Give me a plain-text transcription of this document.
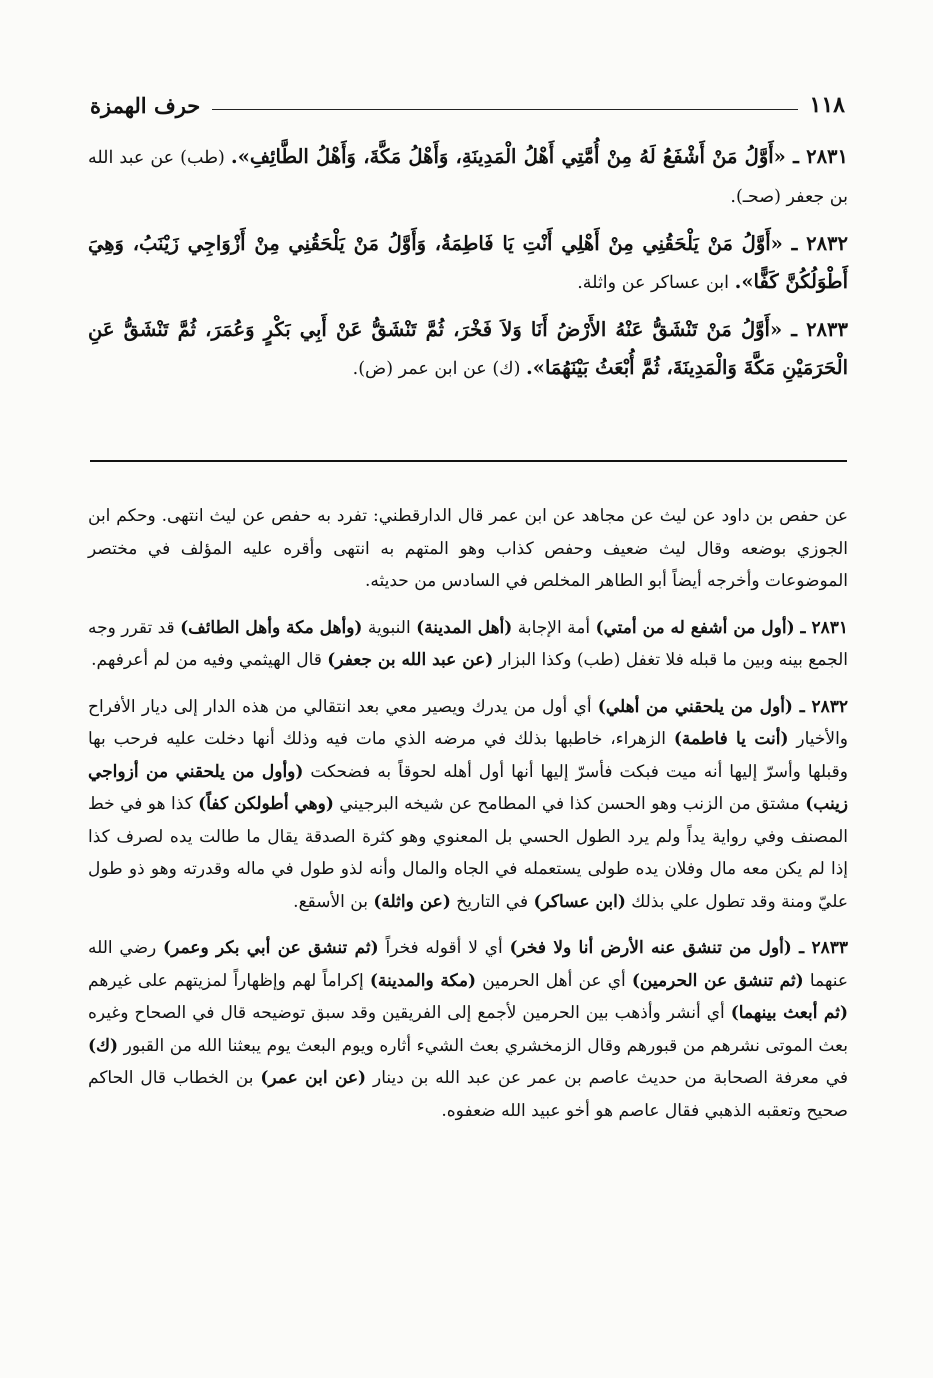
١١٨
حرف الهمزة

٢٨٣١ ـ «أَوَّلُ مَنْ أَشْفَعُ لَهُ مِنْ أُمَّتِي أَهْلُ الْمَدِينَةِ، وَأَهْلُ مَكَّةَ، وَأَهْلُ الطَّائِفِ». (طب) عن عبد الله بن جعفر (صحـ).

٢٨٣٢ ـ «أَوَّلُ مَنْ يَلْحَقُنِي مِنْ أَهْلِي أَنْتِ يَا فَاطِمَةُ، وَأَوَّلُ مَنْ يَلْحَقُنِي مِنْ أَزْوَاجِي زَيْنَبُ، وَهِيَ أَطْوَلُكُنَّ كَفًّا». ابن عساكر عن واثلة.

٢٨٣٣ ـ «أَوَّلُ مَنْ تَنْشَقُّ عَنْهُ الأَرْضُ أَنَا وَلاَ فَخْرَ، ثُمَّ تَنْشَقُّ عَنْ أَبِي بَكْرٍ وَعُمَرَ، ثُمَّ تَنْشَقُّ عَنِ الْحَرَمَيْنِ مَكَّةَ وَالْمَدِينَةَ، ثُمَّ أُبْعَثُ بَيْنَهُمَا». (ك) عن ابن عمر (ض).

عن حفص بن داود عن ليث عن مجاهد عن ابن عمر قال الدارقطني: تفرد به حفص عن ليث انتهى. وحكم ابن الجوزي بوضعه وقال ليث ضعيف وحفص كذاب وهو المتهم به انتهى وأقره عليه المؤلف في مختصر الموضوعات وأخرجه أيضاً أبو الطاهر المخلص في السادس من حديثه.

٢٨٣١ ـ (أول من أشفع له من أمتي) أمة الإجابة (أهل المدينة) النبوية (وأهل مكة وأهل الطائف) قد تقرر وجه الجمع بينه وبين ما قبله فلا تغفل (طب) وكذا البزار (عن عبد الله بن جعفر) قال الهيثمي وفيه من لم أعرفهم.

٢٨٣٢ ـ (أول من يلحقني من أهلي) أي أول من يدرك ويصير معي بعد انتقالي من هذه الدار إلى ديار الأفراح والأخيار (أنت يا فاطمة) الزهراء، خاطبها بذلك في مرضه الذي مات فيه وذلك أنها دخلت عليه فرحب بها وقبلها وأسرّ إليها أنه ميت فبكت فأسرّ إليها أنها أول أهله لحوقاً به فضحكت (وأول من يلحقني من أزواجي زينب) مشتق من الزنب وهو الحسن كذا في المطامح عن شيخه البرجيني (وهي أطولكن كفاً) كذا هو في خط المصنف وفي رواية يداً ولم يرد الطول الحسي بل المعنوي وهو كثرة الصدقة يقال ما طالت يده لصرف كذا إذا لم يكن معه مال وفلان يده طولى يستعمله في الجاه والمال وأنه لذو طول في ماله وقدرته وهو ذو طول عليّ ومنة وقد تطول علي بذلك (ابن عساكر) في التاريخ (عن واثلة) بن الأسقع.

٢٨٣٣ ـ (أول من تنشق عنه الأرض أنا ولا فخر) أي لا أقوله فخراً (ثم تنشق عن أبي بكر وعمر) رضي الله عنهما (ثم تنشق عن الحرمين) أي عن أهل الحرمين (مكة والمدينة) إكراماً لهم وإظهاراً لمزيتهم على غيرهم (ثم أبعث بينهما) أي أنشر وأذهب بين الحرمين لأجمع إلى الفريقين وقد سبق توضيحه قال في الصحاح وغيره بعث الموتى نشرهم من قبورهم وقال الزمخشري بعث الشيء أثاره ويوم البعث يوم يبعثنا الله من القبور (ك) في معرفة الصحابة من حديث عاصم بن عمر عن عبد الله بن دينار (عن ابن عمر) بن الخطاب قال الحاكم صحيح وتعقبه الذهبي فقال عاصم هو أخو عبيد الله ضعفوه.
